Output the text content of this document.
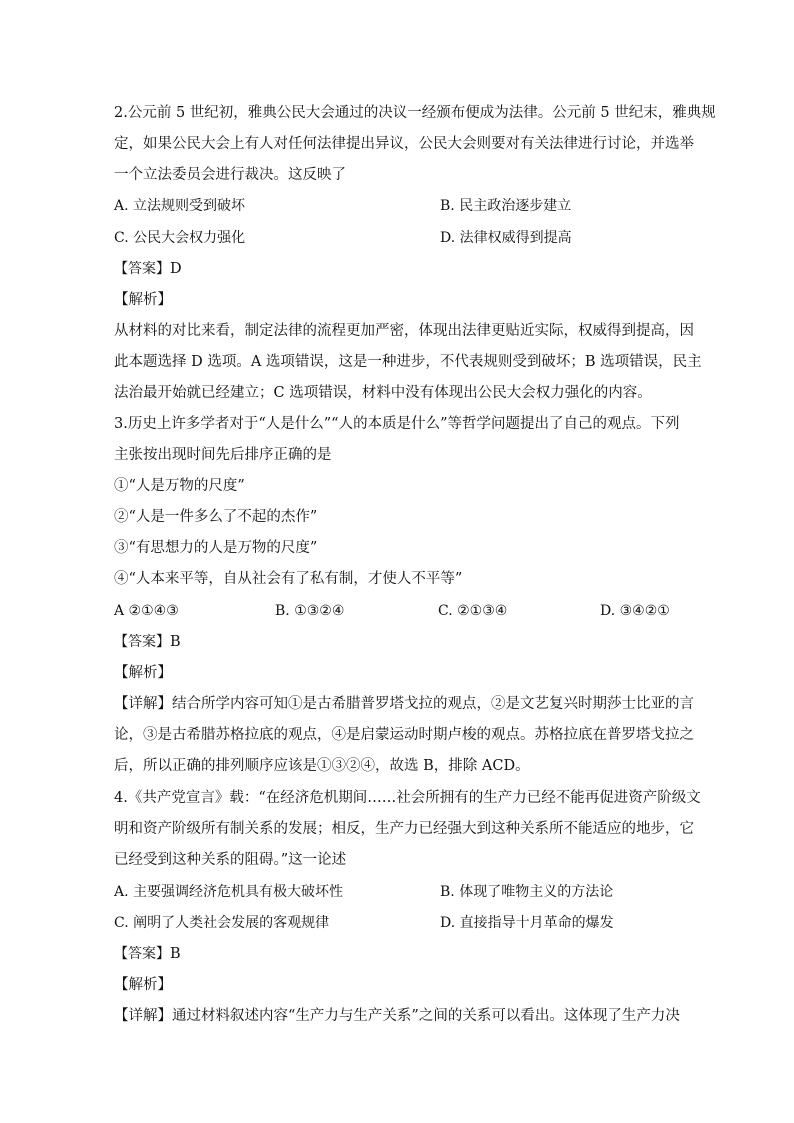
2.公元前 5 世纪初，雅典公民大会通过的决议一经颁布便成为法律。公元前 5 世纪末，雅典规
定，如果公民大会上有人对任何法律提出异议，公民大会则要对有关法律进行讨论，并选举
一个立法委员会进行裁决。这反映了
A. 立法规则受到破坏	B. 民主政治逐步建立
C. 公民大会权力强化	D. 法律权威得到提高
【答案】D
【解析】
从材料的对比来看，制定法律的流程更加严密，体现出法律更贴近实际，权威得到提高，因
此本题选择 D 选项。A 选项错误，这是一种进步，不代表规则受到破坏；B 选项错误，民主
法治最开始就已经建立；C 选项错误，材料中没有体现出公民大会权力强化的内容。
3.历史上许多学者对于“人是什么”“人的本质是什么”等哲学问题提出了自己的观点。下列
主张按出现时间先后排序正确的是
①“人是万物的尺度”
②“人是一件多么了不起的杰作”
③“有思想力的人是万物的尺度”
④“人本来平等，自从社会有了私有制，才使人不平等”
A ②①④③	B. ①③②④	C. ②①③④	D. ③④②①
【答案】B
【解析】
【详解】结合所学内容可知①是古希腊普罗塔戈拉的观点，②是文艺复兴时期莎士比亚的言
论，③是古希腊苏格拉底的观点，④是启蒙运动时期卢梭的观点。苏格拉底在普罗塔戈拉之
后，所以正确的排列顺序应该是①③②④，故选 B，排除 ACD。
4.《共产党宣言》载：“在经济危机期间……社会所拥有的生产力已经不能再促进资产阶级文
明和资产阶级所有制关系的发展；相反，生产力已经强大到这种关系所不能适应的地步，它
已经受到这种关系的阻碍。”这一论述
A. 主要强调经济危机具有极大破坏性	B. 体现了唯物主义的方法论
C. 阐明了人类社会发展的客观规律	D. 直接指导十月革命的爆发
【答案】B
【解析】
【详解】通过材料叙述内容“生产力与生产关系”之间的关系可以看出。这体现了生产力决
